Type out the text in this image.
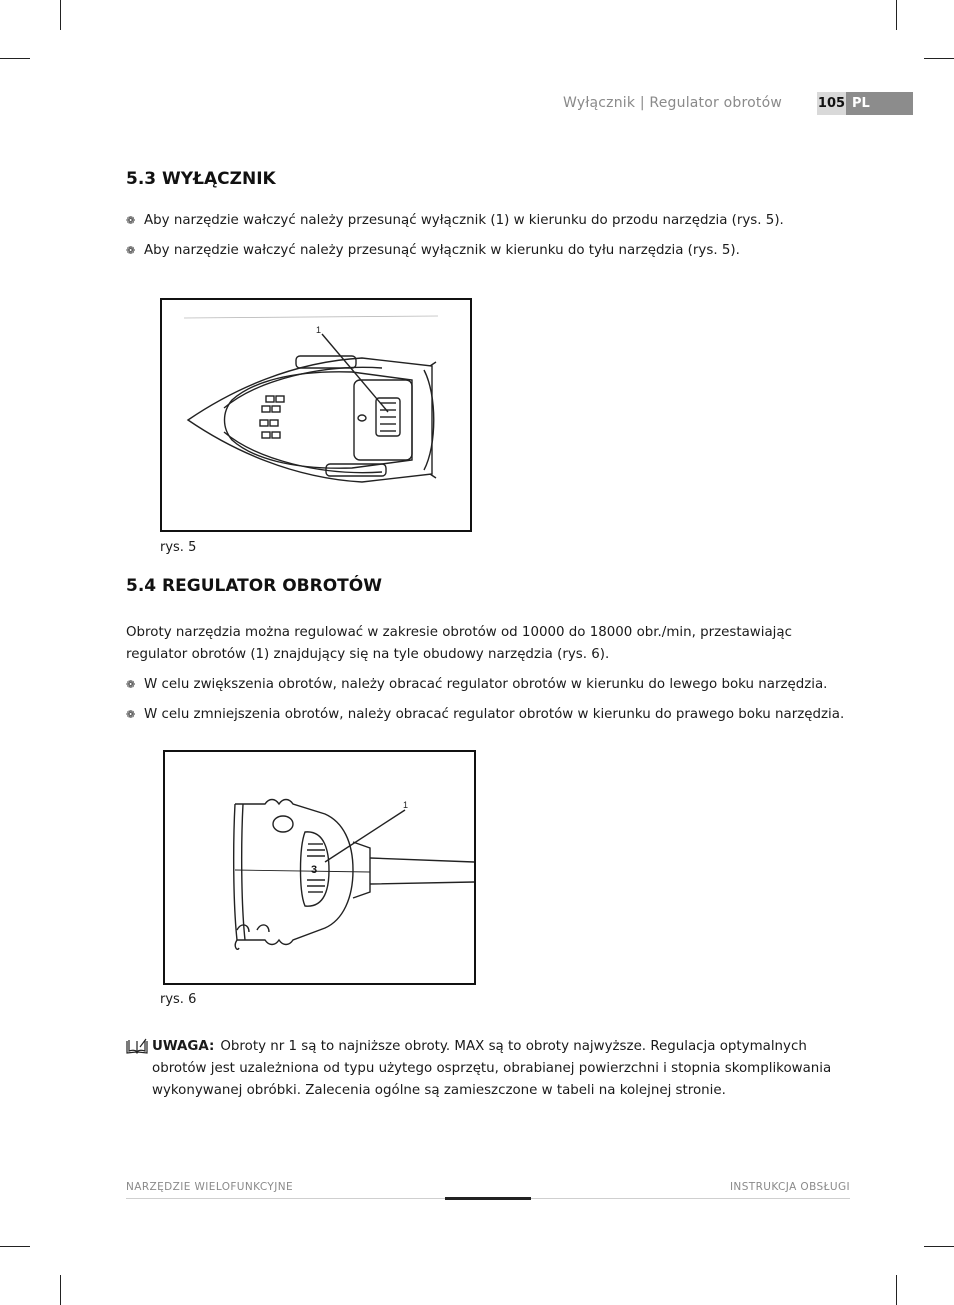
Wyłącznik | Regulator obrotów	105 PL
5.3 WYŁĄCZNIK
❁ Aby narzędzie wałczyć należy przesunąć wyłącznik (1) w kierunku do przodu narzędzia (rys. 5).
❁ Aby narzędzie wałczyć należy przesunąć wyłącznik w kierunku do tyłu narzędzia (rys. 5).
1
rys. 5
5.4 REGULATOR OBROTÓW
Obroty narzędzia można regulować w zakresie obrotów od 10000 do 18000 obr./min, przestawiając regulator obrotów (1) znajdujący się na tyle obudowy narzędzia (rys. 6).
❁ W celu zwiększenia obrotów, należy obracać regulator obrotów w kierunku do lewego boku narzędzia.
❁ W celu zmniejszenia obrotów, należy obracać regulator obrotów w kierunku do prawego boku narzędzia.
3
1
rys. 6
UWAGA: Obroty nr 1 są to najniższe obroty. MAX są to obroty najwyższe. Regulacja optymalnych obrotów jest uzależniona od typu użytego osprzętu, obrabianej powierzchni i stopnia skomplikowania wykonywanej obróbki. Zalecenia ogólne są zamieszczone w tabeli na kolejnej stronie.
NARZĘDZIE WIELOFUNKCYJNE	INSTRUKCJA OBSŁUGI
